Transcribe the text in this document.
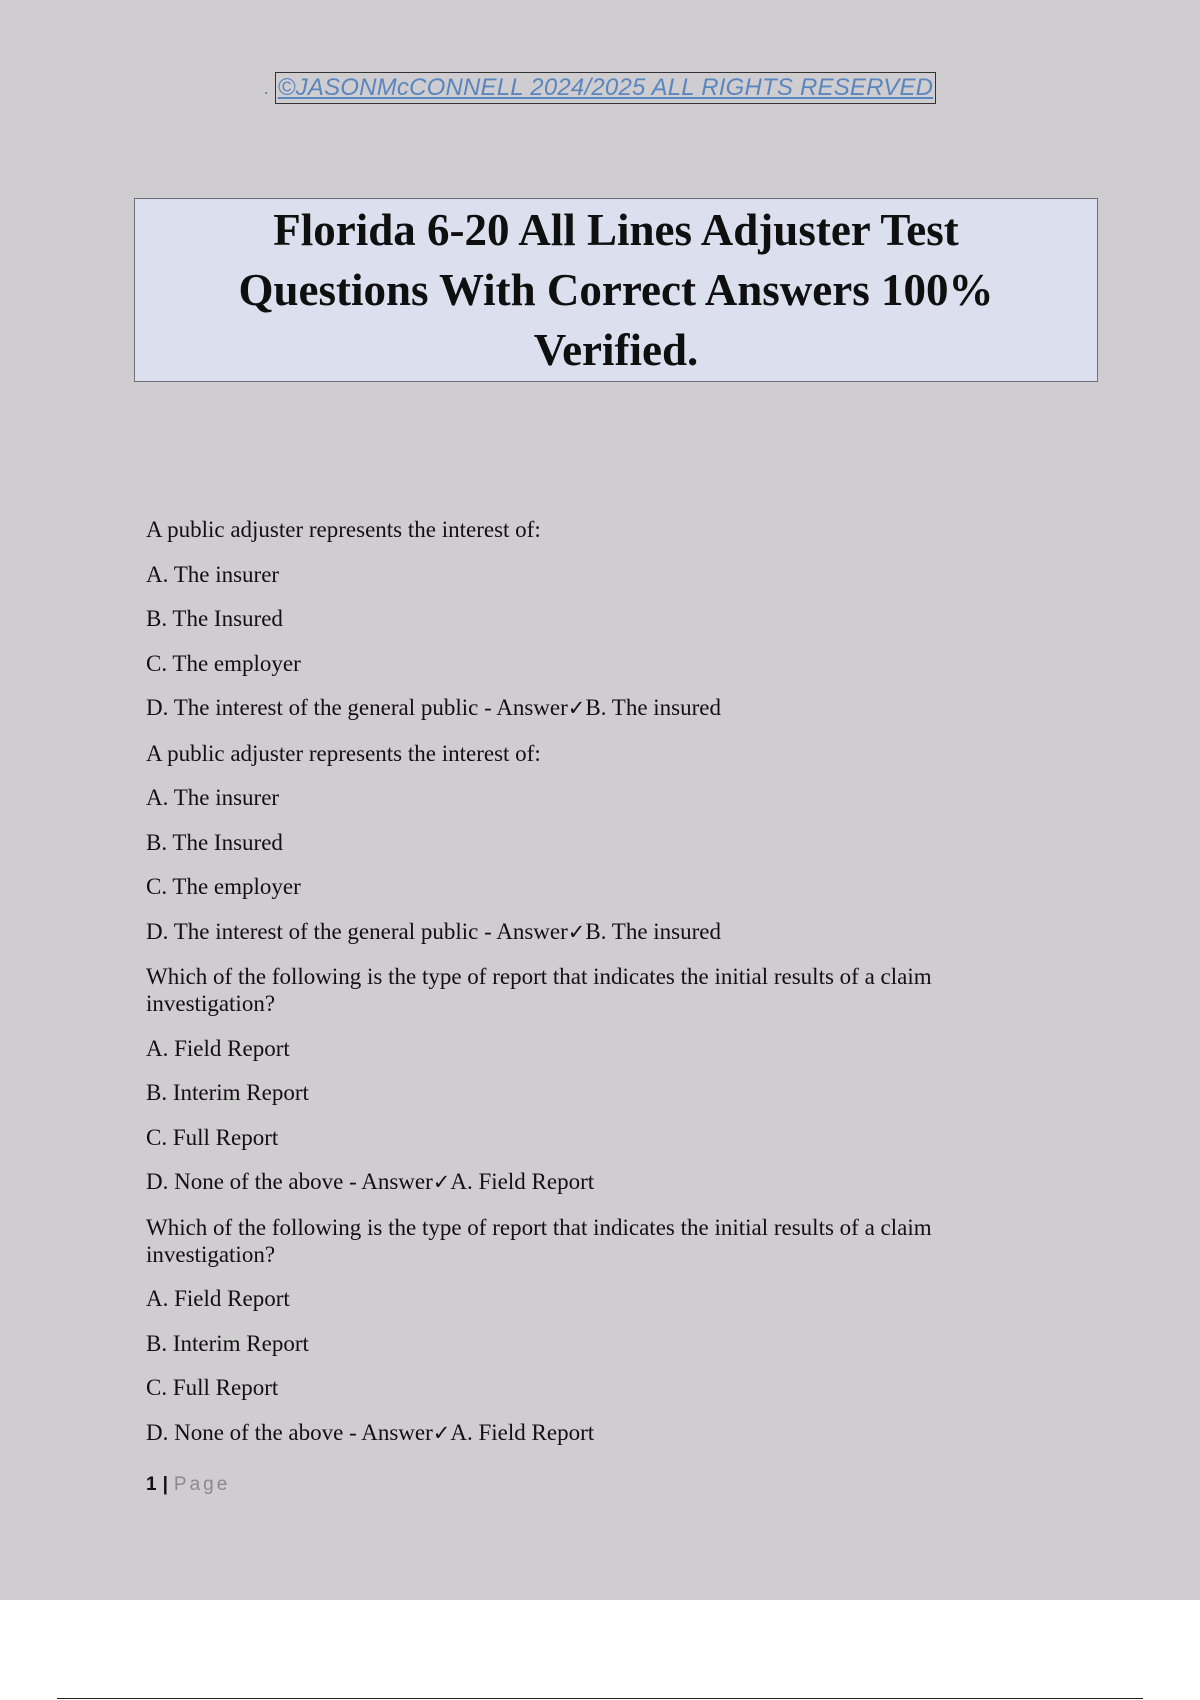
. ©JASONMcCONNELL 2024/2025 ALL RIGHTS RESERVED
Florida 6-20 All Lines Adjuster Test Questions With Correct Answers 100% Verified.

A public adjuster represents the interest of:

A. The insurer

B. The Insured

C. The employer

D. The interest of the general public - Answer✓B. The insured

A public adjuster represents the interest of:

A. The insurer

B. The Insured

C. The employer

D. The interest of the general public - Answer✓B. The insured

Which of the following is the type of report that indicates the initial results of a claim investigation?

A. Field Report

B. Interim Report

C. Full Report

D. None of the above - Answer✓A. Field Report

Which of the following is the type of report that indicates the initial results of a claim investigation?

A. Field Report

B. Interim Report

C. Full Report

D. None of the above - Answer✓A. Field Report

1 | Page
